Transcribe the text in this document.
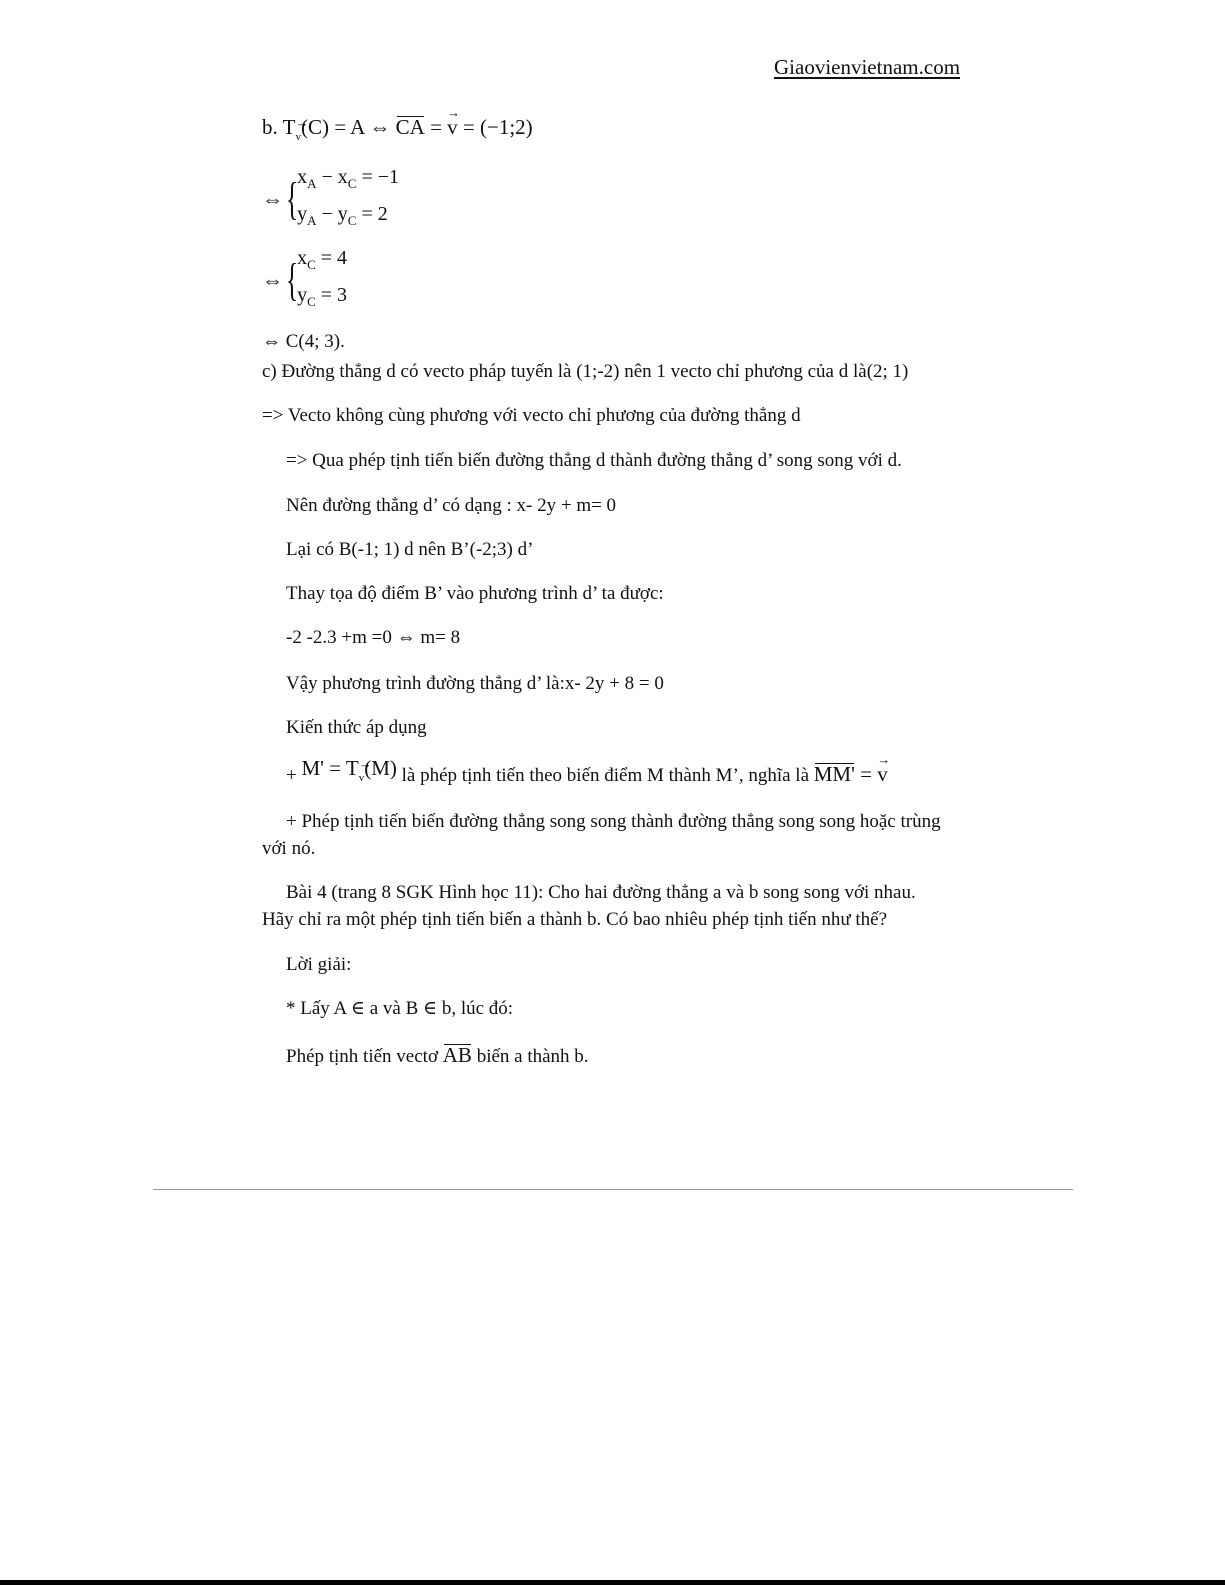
Giaovienvietnam.com
b. T→ $_v$(C) = A ⇔ CA = → v = (−1;2)
⇔ {
$x_A - x_C = -1$
$y_A - y_C = 2$
⇔ {
$x_C = 4$
$y_C = 3$
⇔ C(4; 3).
c) Đường thẳng d có vecto pháp tuyến là (1;-2) nên 1 vecto chỉ phương của d là(2; 1)
=> Vecto không cùng phương với vecto chỉ phương của đường thẳng d
=> Qua phép tịnh tiến biến đường thẳng d thành đường thẳng d’ song song với d.
Nên đường thẳng d’ có dạng : x- 2y + m= 0
Lại có B(-1; 1) d nên B’(-2;3) d’
Thay tọa độ điểm B’ vào phương trình d’ ta được:
-2 -2.3 +m =0 ⇔ m= 8
Vậy phương trình đường thẳng d’ là:x- 2y + 8 = 0
Kiến thức áp dụng
+ M' = T→ $_v$(M) là phép tịnh tiến theo biến điểm M thành M’, nghĩa là MM' = → v
+ Phép tịnh tiến biến đường thẳng song song thành đường thẳng song song hoặc trùng
với nó.
Bài 4 (trang 8 SGK Hình học 11): Cho hai đường thẳng a và b song song với nhau.
Hãy chỉ ra một phép tịnh tiến biến a thành b. Có bao nhiêu phép tịnh tiến như thế?
Lời giải:
* Lấy A ∈ a và B ∈ b, lúc đó:
Phép tịnh tiến vectơ AB biến a thành b.
